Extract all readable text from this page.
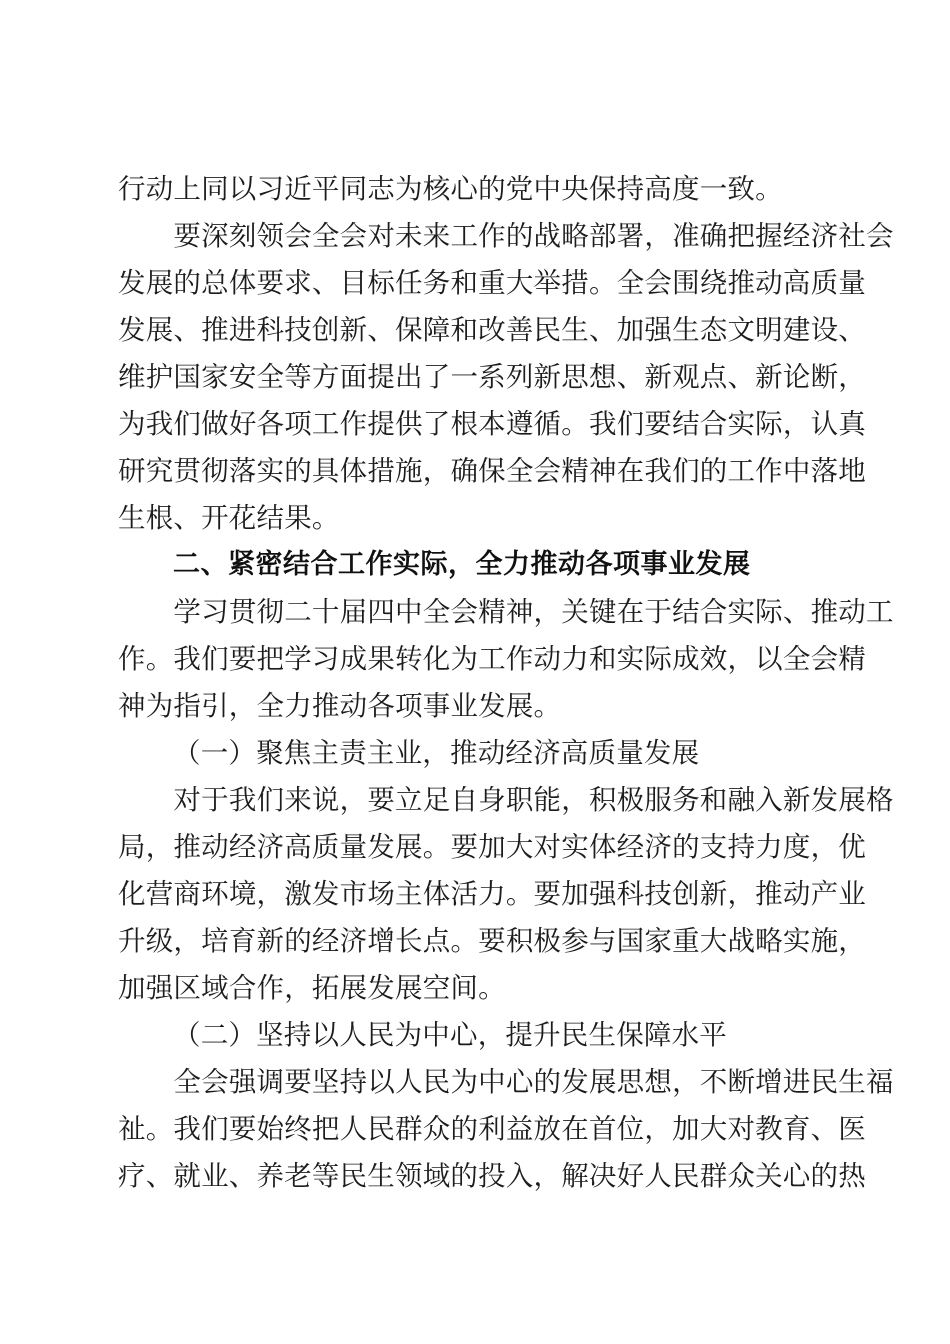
行动上同以习近平同志为核心的党中央保持高度一致。

要 深 刻 领 会 全 会 对 未 来 工 作 的 战 略 部 署 ， 准 确 把 握 经 济 社 会
发 展 的 总 体 要 求 、 目 标 任 务 和 重 大 举 措 。 全 会 围 绕 推 动 高 质 量
发 展 、 推 进 科 技 创 新 、 保 障 和 改 善 民 生 、 加 强 生 态 文 明 建 设 、
维 护 国 家 安 全 等 方 面 提 出 了 一 系 列 新 思 想 、 新 观 点 、 新 论 断 ，
为 我 们 做 好 各 项 工 作 提 供 了 根 本 遵 循 。 我 们 要 结 合 实 际 ， 认 真
研 究 贯 彻 落 实 的 具 体 措 施 ， 确 保 全 会 精 神 在 我 们 的 工 作 中 落 地
生根、开花结果。
二、紧密结合工作实际，全力推动各项事业发展

学 习 贯 彻 二 十 届 四 中 全 会 精 神 ， 关 键 在 于 结 合 实 际 、 推 动 工
作 。 我 们 要 把 学 习 成 果 转 化 为 工 作 动 力 和 实 际 成 效 ， 以 全 会 精
神为指引，全力推动各项事业发展。
（一）聚焦主责主业，推动经济高质量发展

对 于 我 们 来 说 ， 要 立 足 自 身 职 能 ， 积 极 服 务 和 融 入 新 发 展 格
局 ， 推 动 经 济 高 质 量 发 展 。 要 加 大 对 实 体 经 济 的 支 持 力 度 ， 优
化 营 商 环 境 ， 激 发 市 场 主 体 活 力 。 要 加 强 科 技 创 新 ， 推 动 产 业
升 级 ， 培 育 新 的 经 济 增 长 点 。 要 积 极 参 与 国 家 重 大 战 略 实 施 ，
加强区域合作，拓展发展空间。
（二）坚持以人民为中心，提升民生保障水平

全 会 强 调 要 坚 持 以 人 民 为 中 心 的 发 展 思 想 ， 不 断 增 进 民 生 福
祉 。 我 们 要 始 终 把 人 民 群 众 的 利 益 放 在 首 位 ， 加 大 对 教 育 、 医
疗、就业、养老等民生领域的投入，解决好人民群众关心的热
